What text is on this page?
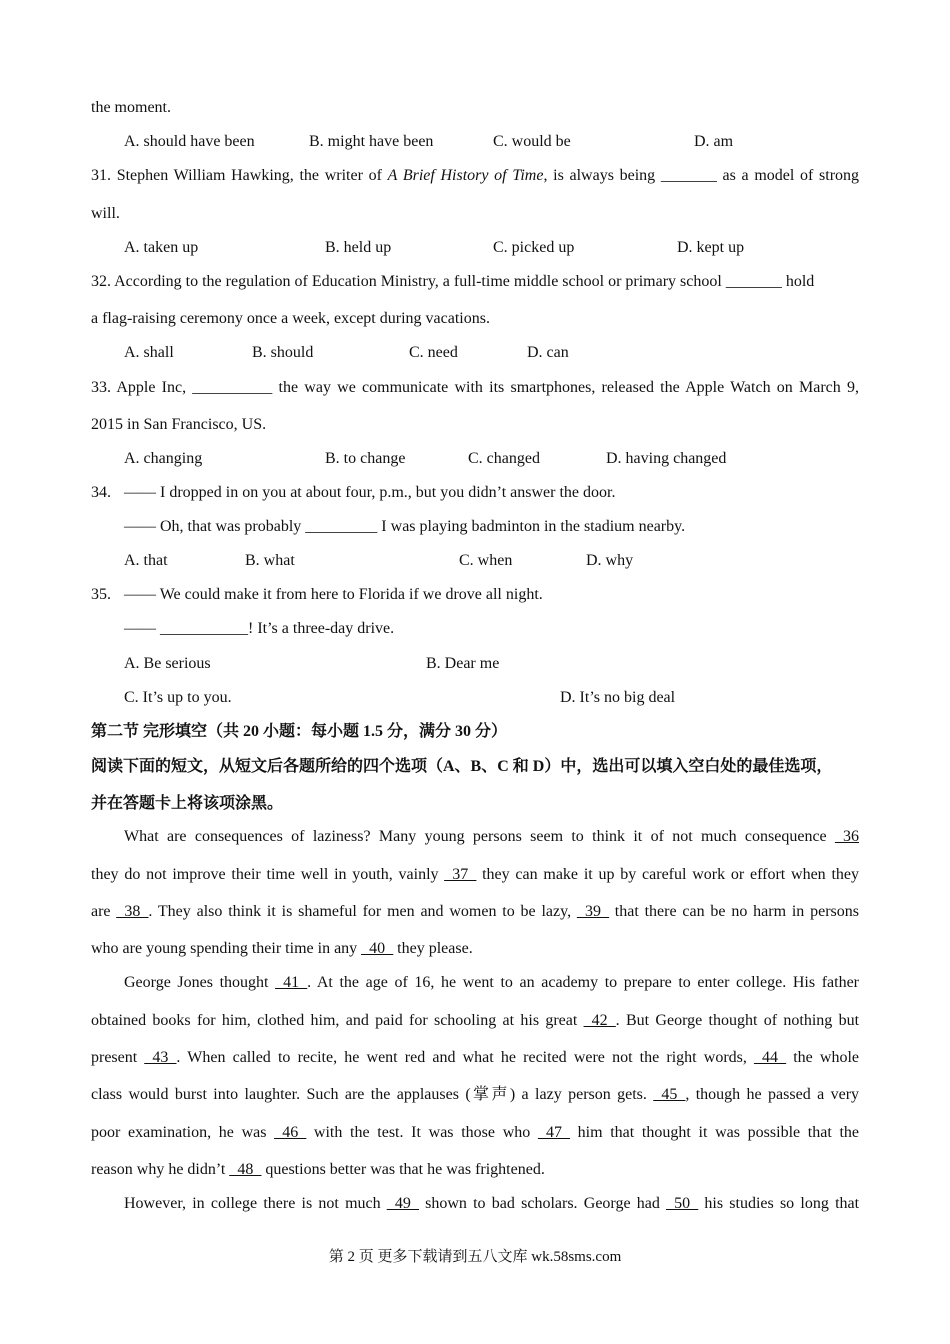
the moment.
A. should have been	B. might have been	C. would be	D. am
31. Stephen William Hawking, the writer of A Brief History of Time, is always being _______ as a model of strong
will.
A. taken up	B. held up	C. picked up	D. kept up
32. According to the regulation of Education Ministry, a full-time middle school or primary school _______ hold
a flag-raising ceremony once a week, except during vacations.
A. shall	B. should	C. need	D. can
33. Apple Inc, __________ the way we communicate with its smartphones, released the Apple Watch on March 9,
2015 in San Francisco, US.
A. changing	B. to change	C. changed	D. having changed
34. —— I dropped in on you at about four, p.m., but you didn’t answer the door.
—— Oh, that was probably _________ I was playing badminton in the stadium nearby.
A. that	B. what	C. when	D. why
35. —— We could make it from here to Florida if we drove all night.
—— ___________! It’s a three-day drive.
A. Be serious	B. Dear me
C. It’s up to you.	D. It’s no big deal
第二节 完形填空（共 20 小题：每小题 1.5 分，满分 30 分）
阅读下面的短文，从短文后各题所给的四个选项（A、B、C 和 D）中，选出可以填入空白处的最佳选项，
并在答题卡上将该项涂黑。
What are consequences of laziness? Many young persons seem to think it of not much consequence _36
they do not improve their time well in youth, vainly _37_ they can make it up by careful work or effort when they
are _38_. They also think it is shameful for men and women to be lazy, _39_ that there can be no harm in persons
who are young spending their time in any _40_ they please.
George Jones thought _41_. At the age of 16, he went to an academy to prepare to enter college. His father
obtained books for him, clothed him, and paid for schooling at his great _42_. But George thought of nothing but
present _43_. When called to recite, he went red and what he recited were not the right words, _44_ the whole
class would burst into laughter. Such are the applauses (掌声) a lazy person gets. _45_, though he passed a very
poor examination, he was _46_ with the test. It was those who _47_ him that thought it was possible that the
reason why he didn’t _48_ questions better was that he was frightened.
However, in college there is not much _49_ shown to bad scholars. George had _50_ his studies so long that
第 2 页 更多下载请到五八文库 wk.58sms.com
